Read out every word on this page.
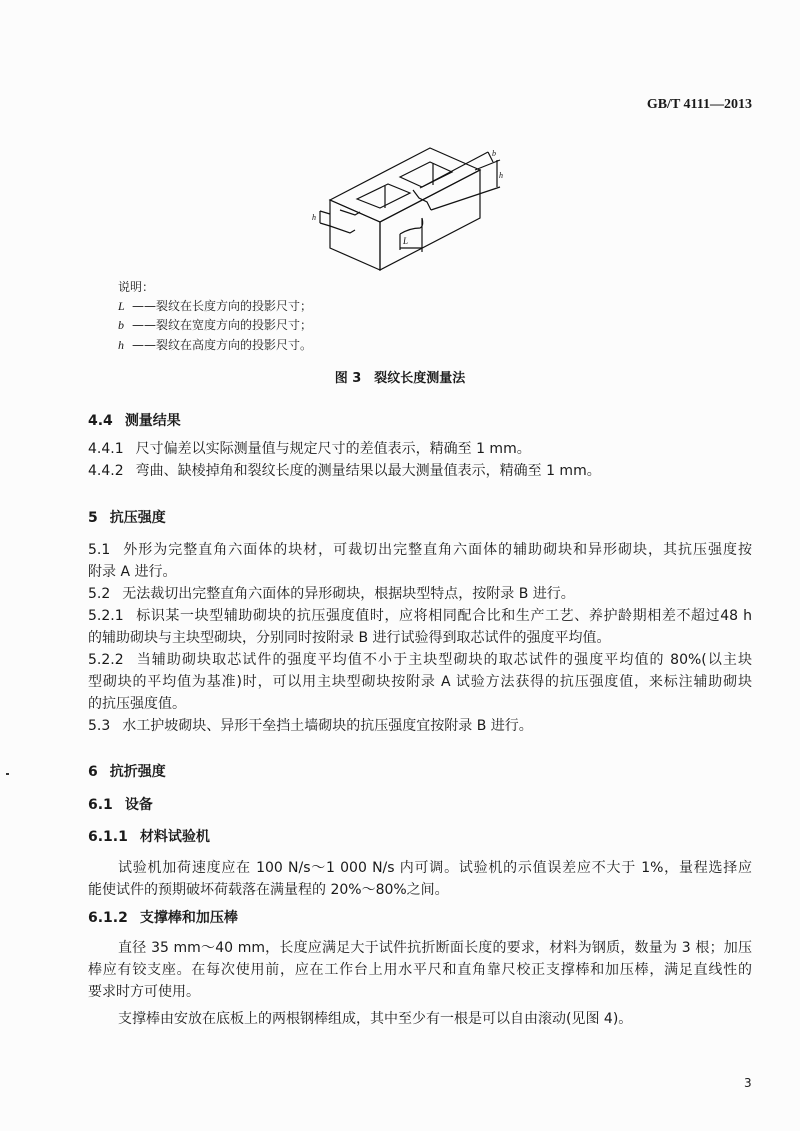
GB/T 4111—2013
L
b
h
h
说明：
L ——裂纹在长度方向的投影尺寸；
b ——裂纹在宽度方向的投影尺寸；
h ——裂纹在高度方向的投影尺寸。
图 3　裂纹长度测量法
4.4 测量结果
4.4.1 尺寸偏差以实际测量值与规定尺寸的差值表示，精确至 1 mm。
4.4.2 弯曲、缺棱掉角和裂纹长度的测量结果以最大测量值表示，精确至 1 mm。
5 抗压强度
5.1 外形为完整直角六面体的块材，可裁切出完整直角六面体的辅助砌块和异形砌块，其抗压强度按
附录 A 进行。
5.2 无法裁切出完整直角六面体的异形砌块，根据块型特点，按附录 B 进行。
5.2.1 标识某一块型辅助砌块的抗压强度值时，应将相同配合比和生产工艺、养护龄期相差不超过48 h
的辅助砌块与主块型砌块，分别同时按附录 B 进行试验得到取芯试件的强度平均值。
5.2.2 当辅助砌块取芯试件的强度平均值不小于主块型砌块的取芯试件的强度平均值的 80%(以主块
型砌块的平均值为基准)时，可以用主块型砌块按附录 A 试验方法获得的抗压强度值，来标注辅助砌块
的抗压强度值。
5.3 水工护坡砌块、异形干垒挡土墙砌块的抗压强度宜按附录 B 进行。
6 抗折强度
6.1 设备
6.1.1 材料试验机
试验机加荷速度应在 100 N/s～1 000 N/s 内可调。试验机的示值误差应不大于 1%，量程选择应
能使试件的预期破坏荷载落在满量程的 20%～80%之间。
6.1.2 支撑棒和加压棒
直径 35 mm～40 mm，长度应满足大于试件抗折断面长度的要求，材料为钢质，数量为 3 根；加压
棒应有铰支座。在每次使用前，应在工作台上用水平尺和直角靠尺校正支撑棒和加压棒，满足直线性的
要求时方可使用。
支撑棒由安放在底板上的两根钢棒组成，其中至少有一根是可以自由滚动(见图 4)。
3
